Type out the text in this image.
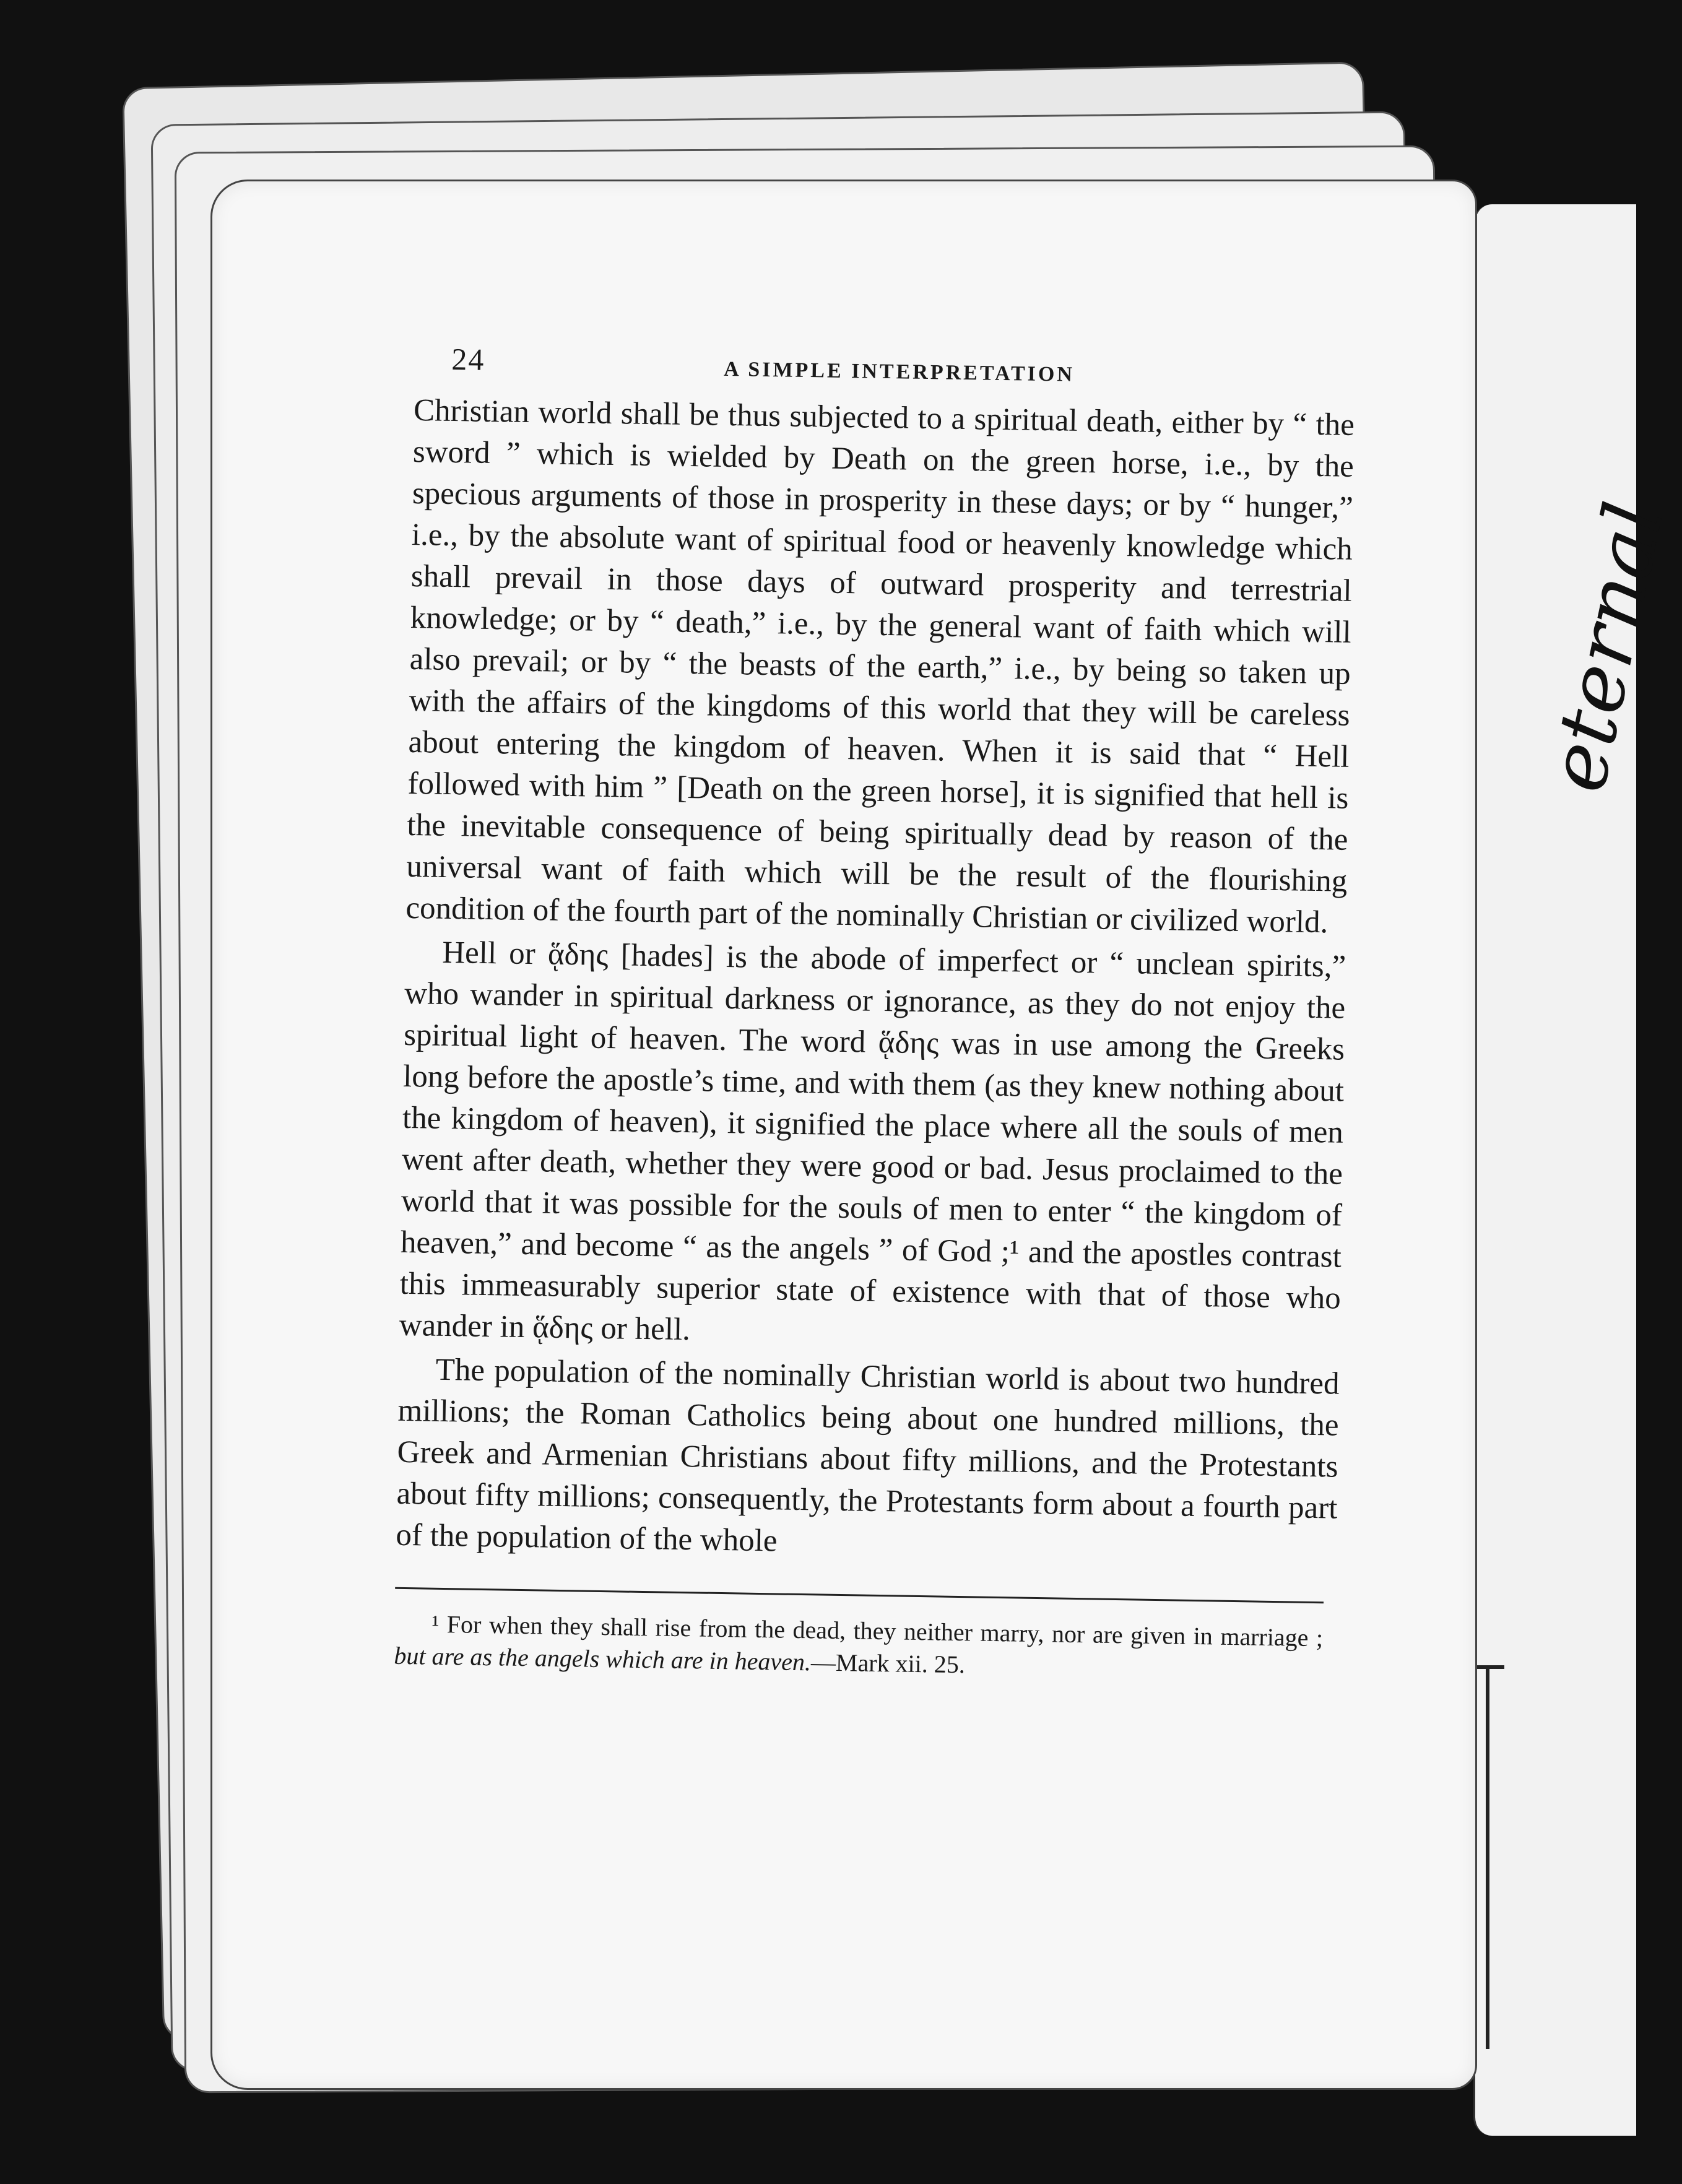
eternal
24	A SIMPLE INTERPRETATION

Christian world shall be thus subjected to a spiritual death, either by “ the sword ” which is wielded by Death on the green horse, i.e., by the specious arguments of those in prosperity in these days; or by “ hunger,” i.e., by the absolute want of spiritual food or heavenly knowledge which shall prevail in those days of outward prosperity and terrestrial knowledge; or by “ death,” i.e., by the general want of faith which will also prevail; or by “ the beasts of the earth,” i.e., by being so taken up with the affairs of the kingdoms of this world that they will be careless about entering the kingdom of heaven. When it is said that “ Hell followed with him ” [Death on the green horse], it is signified that hell is the inevitable consequence of being spiritually dead by reason of the universal want of faith which will be the result of the flourishing condition of the fourth part of the nominally Christian or civilized world.

Hell or ᾅδης [hades] is the abode of imperfect or “ unclean spirits,” who wander in spiritual darkness or ignorance, as they do not enjoy the spiritual light of heaven. The word ᾅδης was in use among the Greeks long before the apostle’s time, and with them (as they knew nothing about the kingdom of heaven), it signified the place where all the souls of men went after death, whether they were good or bad. Jesus proclaimed to the world that it was possible for the souls of men to enter “ the kingdom of heaven,” and become “ as the angels ” of God ;¹ and the apostles contrast this immeasurably superior state of existence with that of those who wander in ᾅδης or hell.

The population of the nominally Christian world is about two hundred millions; the Roman Catholics being about one hundred millions, the Greek and Armenian Christians about fifty millions, and the Protestants about fifty millions; consequently, the Protestants form about a fourth part of the population of the whole

¹ For when they shall rise from the dead, they neither marry, nor are given in marriage ; but are as the angels which are in heaven.—Mark xii. 25.
